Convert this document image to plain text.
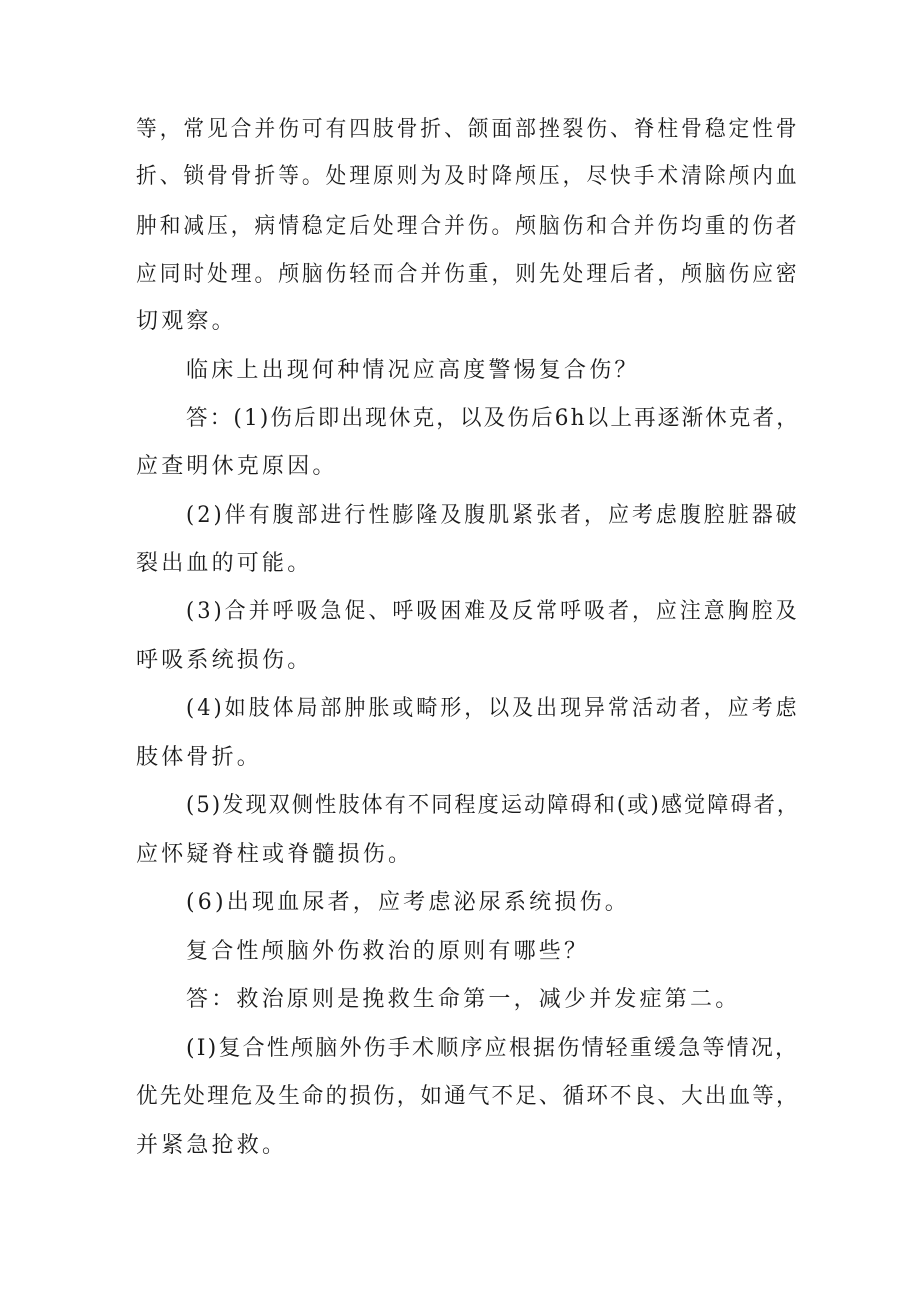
等，常见合并伤可有四肢骨折、颌面部挫裂伤、脊柱骨稳定性骨
折、锁骨骨折等。处理原则为及时降颅压，尽快手术清除颅内血
肿和减压，病情稳定后处理合并伤。颅脑伤和合并伤均重的伤者
应同时处理。颅脑伤轻而合并伤重，则先处理后者，颅脑伤应密
切观察。
临床上出现何种情况应高度警惕复合伤？
答：(1)伤后即出现休克，以及伤后6h以上再逐渐休克者，
应查明休克原因。
(2)伴有腹部进行性膨隆及腹肌紧张者，应考虑腹腔脏器破
裂出血的可能。
(3)合并呼吸急促、呼吸困难及反常呼吸者，应注意胸腔及
呼吸系统损伤。
(4)如肢体局部肿胀或畸形，以及出现异常活动者，应考虑
肢体骨折。
(5)发现双侧性肢体有不同程度运动障碍和(或)感觉障碍者，
应怀疑脊柱或脊髓损伤。
(6)出现血尿者，应考虑泌尿系统损伤。
复合性颅脑外伤救治的原则有哪些？
答：救治原则是挽救生命第一，减少并发症第二。
(I)复合性颅脑外伤手术顺序应根据伤情轻重缓急等情况，
优先处理危及生命的损伤，如通气不足、循环不良、大出血等，
并紧急抢救。
